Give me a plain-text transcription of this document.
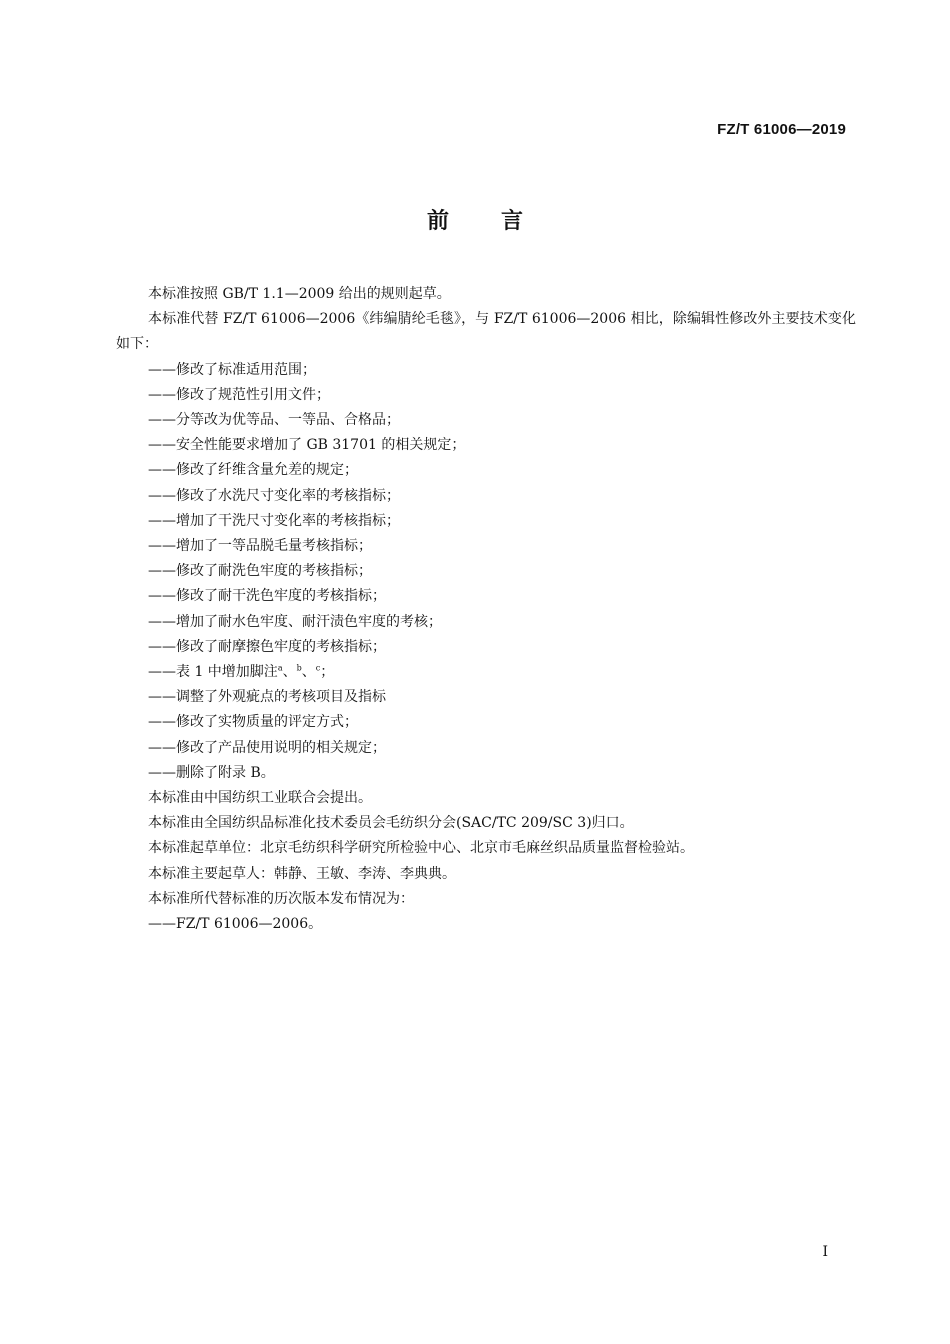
FZ/T 61006—2019
前言

本标准按照 GB/T 1.1—2009 给出的规则起草。

本标准代替 FZ/T 61006—2006《纬编腈纶毛毯》，与 FZ/T 61006—2006 相比，除编辑性修改外主要技术变化如下：

——修改了标准适用范围；
——修改了规范性引用文件；
——分等改为优等品、一等品、合格品；
——安全性能要求增加了 GB 31701 的相关规定；
——修改了纤维含量允差的规定；
——修改了水洗尺寸变化率的考核指标；
——增加了干洗尺寸变化率的考核指标；
——增加了一等品脱毛量考核指标；
——修改了耐洗色牢度的考核指标；
——修改了耐干洗色牢度的考核指标；
——增加了耐水色牢度、耐汗渍色牢度的考核；
——修改了耐摩擦色牢度的考核指标；
——表 1 中增加脚注$^a$、$^b$、$^c$；
——调整了外观疵点的考核项目及指标
——修改了实物质量的评定方式；
——修改了产品使用说明的相关规定；
——删除了附录 B。

本标准由中国纺织工业联合会提出。

本标准由全国纺织品标准化技术委员会毛纺织分会(SAC/TC 209/SC 3)归口。

本标准起草单位：北京毛纺织科学研究所检验中心、北京市毛麻丝织品质量监督检验站。

本标准主要起草人：韩静、王敏、李涛、李典典。

本标准所代替标准的历次版本发布情况为：

——FZ/T 61006—2006。
I
